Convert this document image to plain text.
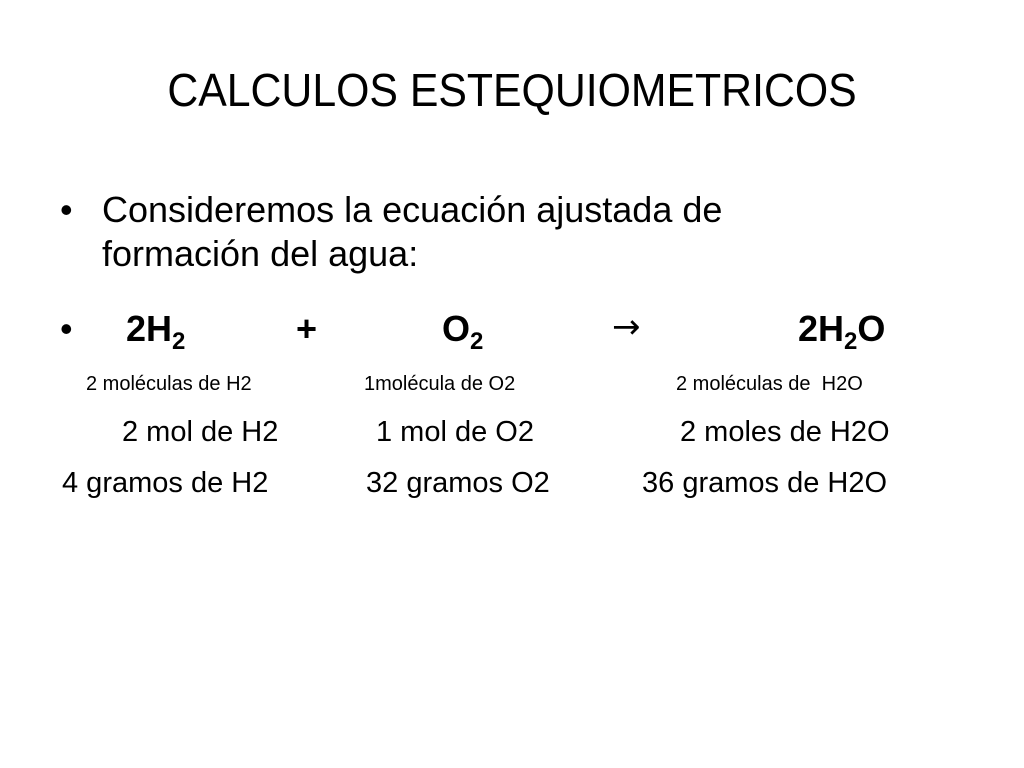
CALCULOS ESTEQUIOMETRICOS
• Consideremos la ecuación ajustada de
formación del agua:
• $2H_2$	+	$O_2$	→	$2H_2O$
2 moléculas de H2	1molécula de O2	2 moléculas de  H2O
2 mol de H2	1 mol de O2	2 moles de H2O
4 gramos de H2	32 gramos O2	36 gramos de H2O
